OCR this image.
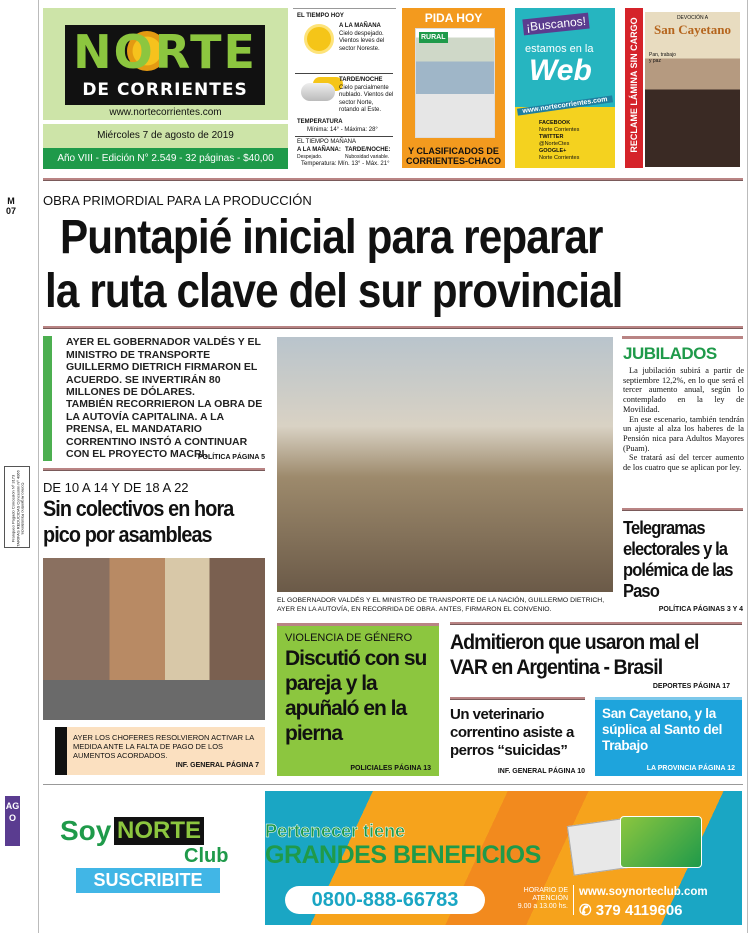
NORTE
DE CORRIENTES
www.nortecorrientes.com
Miércoles 7 de agosto de 2019
Año VIII - Edición N° 2.549 - 32 páginas - $40,00
EL TIEMPO HOY
A LA MAÑANA
Cielo despejado. Vientos leves del sector Noreste.
TARDE/NOCHE
Cielo parcialmente nublado. Vientos del sector Norte, rotando al Este.
TEMPERATURA
Mínima: 14° - Máxima: 28°
EL TIEMPO MAÑANA
A LA MAÑANA:
Despejado.
TARDE/NOCHE:
Nubosidad variable.
Temperatura: Mín. 13° - Máx. 21°
PIDA HOY
RURAL
Y CLASIFICADOS DE CORRIENTES-CHACO
¡Buscanos!
estamos en la
Web
www.nortecorrientes.com
FACEBOOK
Norte Corrientes
TWITTER
@NorteCtes
GOOGLE+
Norte Corrientes
RECLAME LÁMINA SIN CARGO	DEVOCIÓN A
San Cayetano
Pan, trabajo y paz
M
07
Franqueo Pagado Concesión Nº 3173 TARIFAS REDUCIDAS Concesión Nº 4066 Correo Argentino Resistencia
AGO
OBRA PRIMORDIAL PARA LA PRODUCCIÓN
Puntapié inicial para reparar
la ruta clave del sur provincial
AYER EL GOBERNADOR VALDÉS Y EL MINISTRO DE TRANSPORTE GUILLERMO DIETRICH FIRMARON EL ACUERDO. SE INVERTIRÁN 80 MILLONES DE DÓLARES.
TAMBIÉN RECORRIERON LA OBRA DE LA AUTOVÍA CAPITALINA. A LA PRENSA, EL MANDATARIO CORRENTINO INSTÓ A CONTINUAR CON EL PROYECTO MACRI.
POLÍTICA PÁGINA 5
DE 10 A 14 Y DE 18 A 22
Sin colectivos en hora pico por asambleas
AYER LOS CHOFERES RESOLVIERON ACTIVAR LA MEDIDA ANTE LA FALTA DE PAGO DE LOS AUMENTOS ACORDADOS.
INF. GENERAL PÁGINA 7
EL GOBERNADOR VALDÉS Y EL MINISTRO DE TRANSPORTE DE LA NACIÓN, GUILLERMO DIETRICH, AYER EN LA AUTOVÍA, EN RECORRIDA DE OBRA. ANTES, FIRMARON EL CONVENIO.
JUBILADOS

La jubilación subirá a partir de septiembre 12,2%, en lo que será el tercer aumento anual, según lo contemplado en la ley de Movilidad.

En ese escenario, también tendrán un ajuste al alza los haberes de la Pensión nica para Adultos Mayores (Puam).

Se tratará así del tercer aumento de los cuatro que se aplican por ley.

Telegramas electorales y la polémica de las Paso
POLÍTICA PÁGINAS 3 Y 4
VIOLENCIA DE GÉNERO
Discutió con su pareja y la apuñaló en la pierna
POLICIALES PÁGINA 13
Admitieron que usaron mal el VAR en Argentina - Brasil
DEPORTES PÁGINA 17
Un veterinario correntino asiste a perros “suicidas”
INF. GENERAL PÁGINA 10
San Cayetano, y la súplica al Santo del Trabajo
LA PROVINCIA PÁGINA 12
Soy NORTE
Club
SUSCRIBITE
Pertenecer tiene
GRANDES BENEFICIOS
0800-888-66783	HORARIO DE ATENCIÓN
9.00 a 13.00 hs.
www.soynorteclub.com
✆ 379 4119606
